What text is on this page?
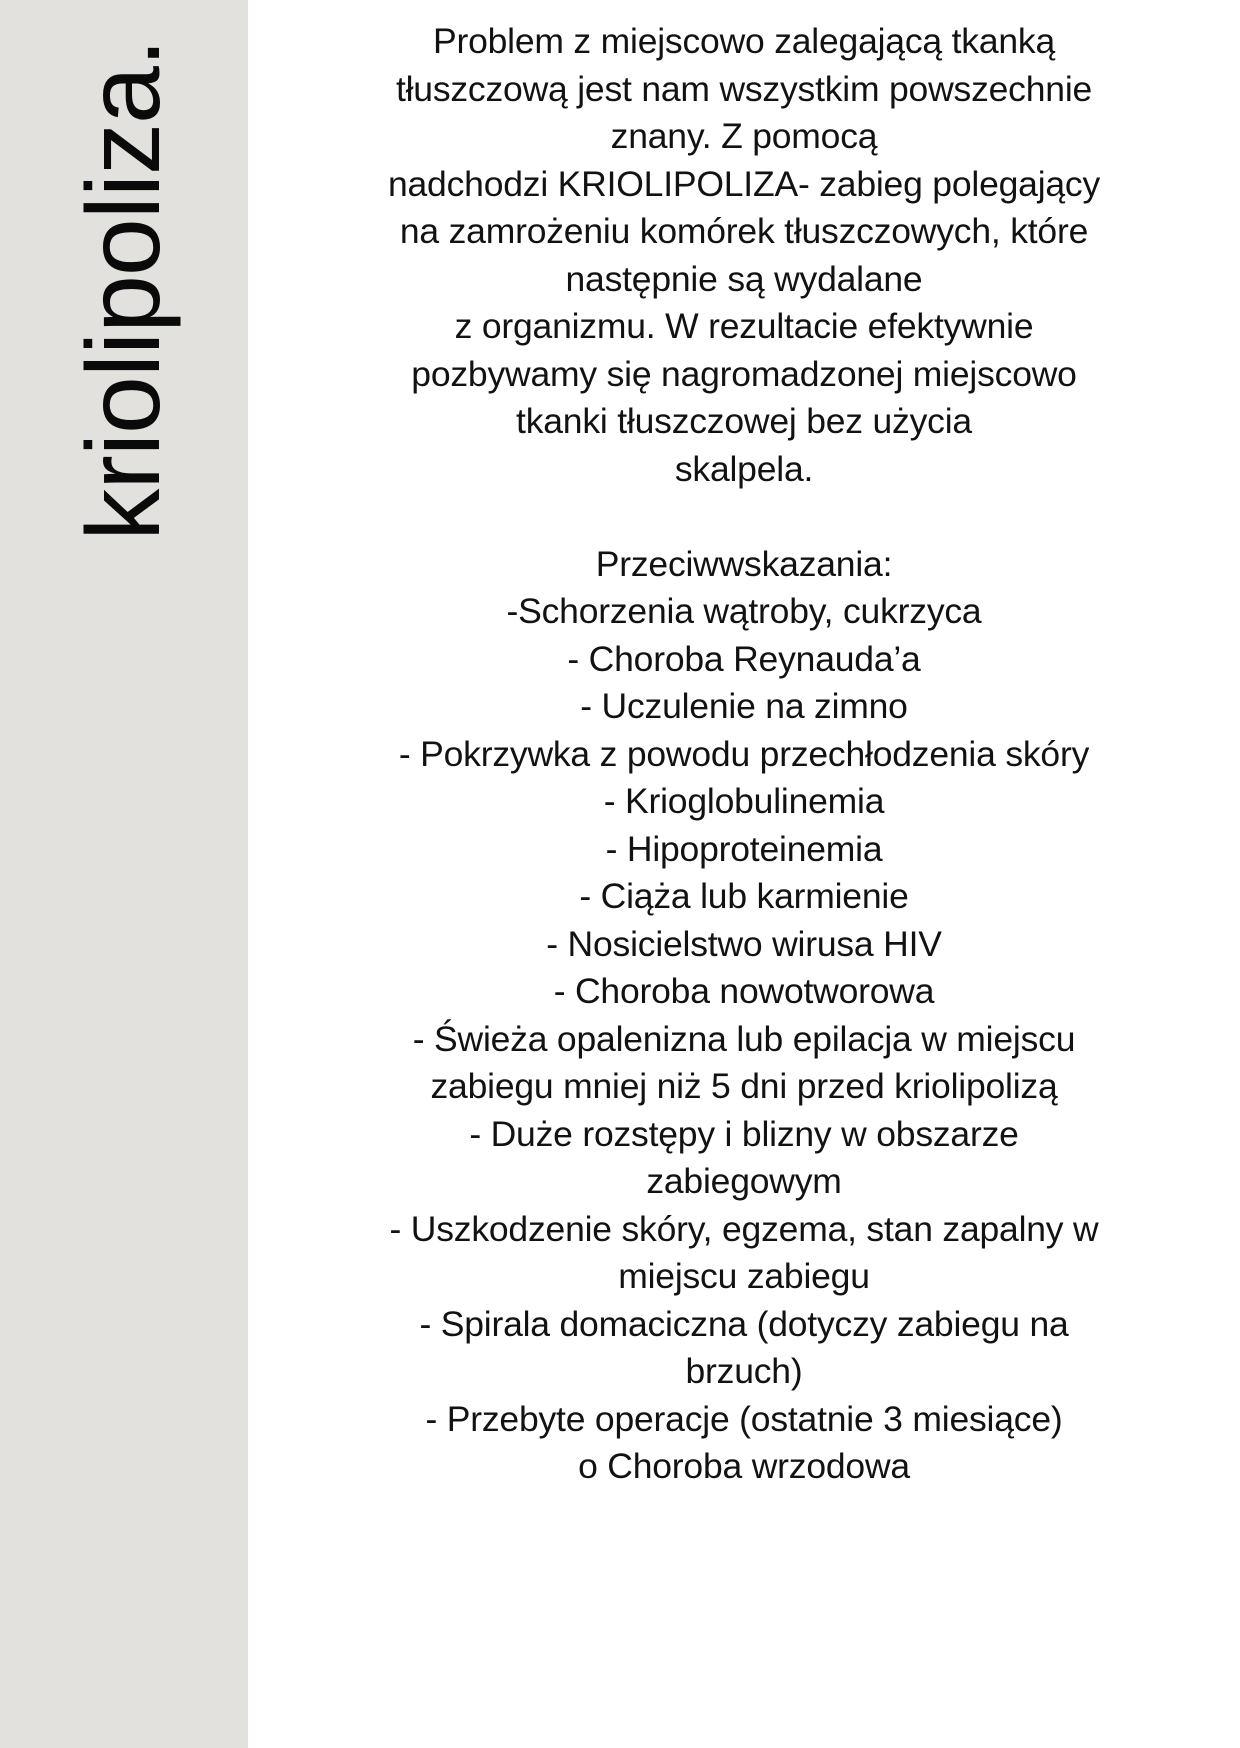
kriolipoliza.	Problem z miejscowo zalegającą tkanką
tłuszczową jest nam wszystkim powszechnie
znany. Z pomocą
nadchodzi KRIOLIPOLIZA- zabieg polegający
na zamrożeniu komórek tłuszczowych, które
następnie są wydalane
z organizmu. W rezultacie efektywnie
pozbywamy się nagromadzonej miejscowo
tkanki tłuszczowej bez użycia
skalpela.
Przeciwwskazania:
-Schorzenia wątroby, cukrzyca
- Choroba Reynauda’a
- Uczulenie na zimno
- Pokrzywka z powodu przechłodzenia skóry
- Krioglobulinemia
- Hipoproteinemia
- Ciąża lub karmienie
- Nosicielstwo wirusa HIV
- Choroba nowotworowa
- Świeża opalenizna lub epilacja w miejscu
zabiegu mniej niż 5 dni przed kriolipolizą
- Duże rozstępy i blizny w obszarze
zabiegowym
- Uszkodzenie skóry, egzema, stan zapalny w
miejscu zabiegu
- Spirala domaciczna (dotyczy zabiegu na
brzuch)
- Przebyte operacje (ostatnie 3 miesiące)
o Choroba wrzodowa
